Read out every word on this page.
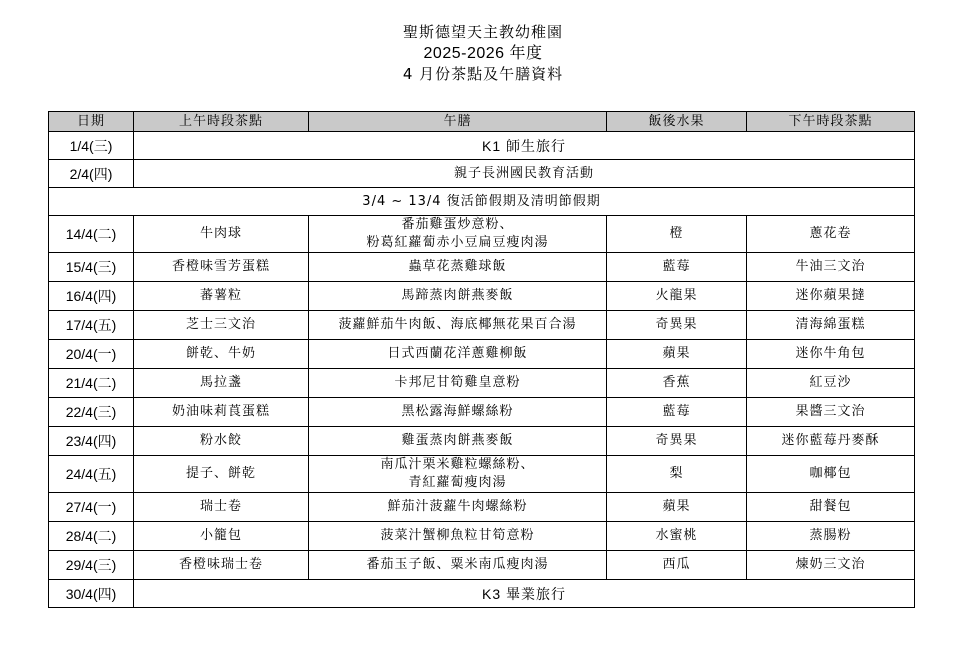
聖斯德望天主教幼稚園
2025-2026 年度
4 月份茶點及午膳資料
日期	上午時段茶點	午膳	飯後水果	下午時段茶點
1/4(三)	K1 師生旅行			
2/4(四)	親子長洲國民教育活動			
3/4 ~ 13/4 復活節假期及清明節假期				
14/4(二)	牛肉球	番茄雞蛋炒意粉、
粉葛紅蘿蔔赤小豆扁豆瘦肉湯	橙	蔥花卷
15/4(三)	香橙味雪芳蛋糕	蟲草花蒸雞球飯	藍莓	牛油三文治
16/4(四)	蕃薯粒	馬蹄蒸肉餅燕麥飯	火龍果	迷你蘋果撻
17/4(五)	芝士三文治	菠蘿鮮茄牛肉飯、海底椰無花果百合湯	奇異果	清海綿蛋糕
20/4(一)	餅乾、牛奶	日式西蘭花洋蔥雞柳飯	蘋果	迷你牛角包
21/4(二)	馬拉盞	卡邦尼甘筍雞皇意粉	香蕉	紅豆沙
22/4(三)	奶油味莉莨蛋糕	黑松露海鮮螺絲粉	藍莓	果醬三文治
23/4(四)	粉水餃	雞蛋蒸肉餅燕麥飯	奇異果	迷你藍莓丹麥酥
24/4(五)	提子、餅乾	南瓜汁栗米雞粒螺絲粉、
青紅蘿蔔瘦肉湯	梨	咖椰包
27/4(一)	瑞士卷	鮮茄汁菠蘿牛肉螺絲粉	蘋果	甜餐包
28/4(二)	小籠包	菠菜汁蟹柳魚粒甘筍意粉	水蜜桃	蒸腸粉
29/4(三)	香橙味瑞士卷	番茄玉子飯、粟米南瓜瘦肉湯	西瓜	煉奶三文治
30/4(四)	K3 畢業旅行			
